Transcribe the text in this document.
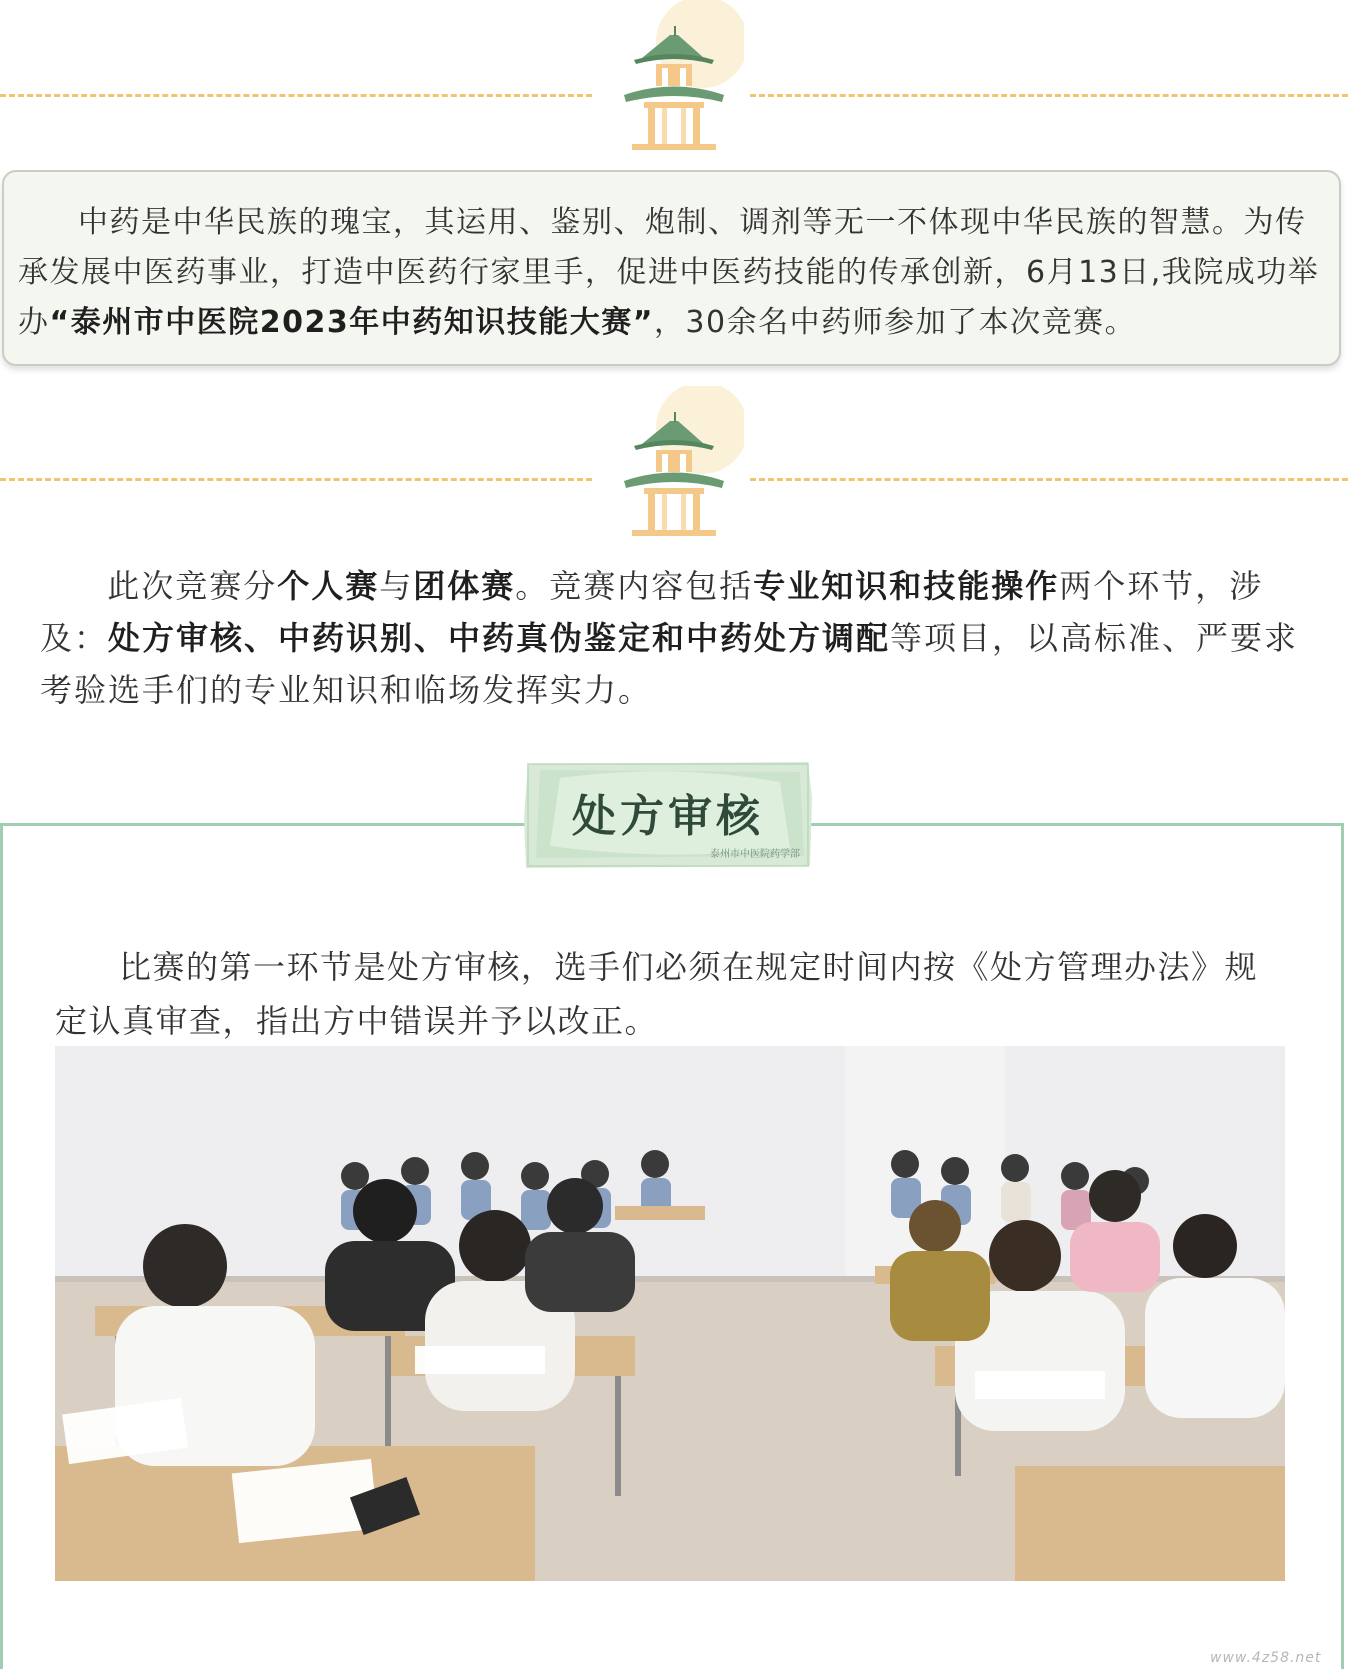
中药是中华民族的瑰宝，其运用、鉴别、炮制、调剂等无一不体现中华民族的智慧。为传承发展中医药事业，打造中医药行家里手，促进中医药技能的传承创新，6月13日,我院成功举办“泰州市中医院2023年中药知识技能大赛”，30余名中药师参加了本次竞赛。

此次竞赛分个人赛与团体赛。竞赛内容包括专业知识和技能操作两个环节，涉及：处方审核、中药识别、中药真伪鉴定和中药处方调配等项目，以高标准、严要求考验选手们的专业知识和临场发挥实力。

处方审核
泰州市中医院药学部

比赛的第一环节是处方审核，选手们必须在规定时间内按《处方管理办法》规定认真审查，指出方中错误并予以改正。

www.4z58.net
